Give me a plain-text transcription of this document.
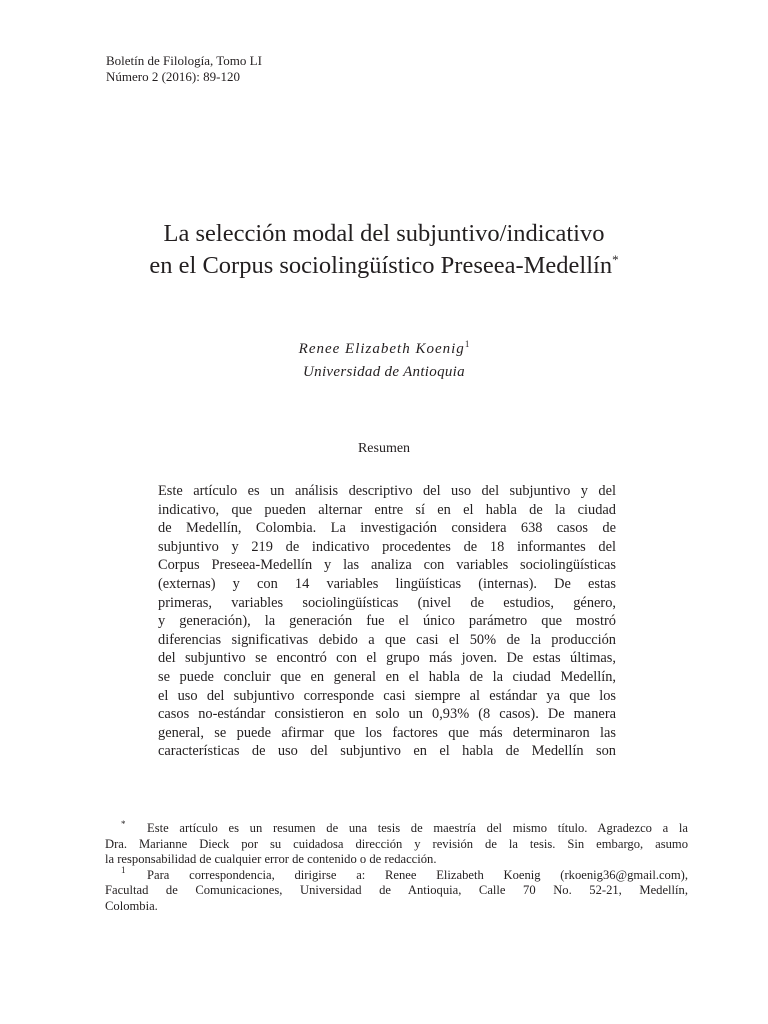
Boletín de Filología, Tomo LI
Número 2 (2016): 89-120
La selección modal del subjuntivo/indicativo
en el Corpus sociolingüístico Preseea-Medellín*
Renee Elizabeth Koenig$^1$
Universidad de Antioquia
Resumen
Este artículo es un análisis descriptivo del uso del subjuntivo y del
indicativo, que pueden alternar entre sí en el habla de la ciudad
de Medellín, Colombia. La investigación considera 638 casos de
subjuntivo y 219 de indicativo procedentes de 18 informantes del
Corpus Preseea-Medellín y las analiza con variables sociolingüísticas
(externas) y con 14 variables lingüísticas (internas). De estas
primeras, variables sociolingüísticas (nivel de estudios, género,
y generación), la generación fue el único parámetro que mostró
diferencias significativas debido a que casi el 50% de la producción
del subjuntivo se encontró con el grupo más joven. De estas últimas,
se puede concluir que en general en el habla de la ciudad Medellín,
el uso del subjuntivo corresponde casi siempre al estándar ya que los
casos no-estándar consistieron en solo un 0,93% (8 casos). De manera
general, se puede afirmar que los factores que más determinaron las
características de uso del subjuntivo en el habla de Medellín son
* Este artículo es un resumen de una tesis de maestría del mismo título. Agradezco a la
Dra. Marianne Dieck por su cuidadosa dirección y revisión de la tesis. Sin embargo, asumo
la responsabilidad de cualquier error de contenido o de redacción.
1 Para correspondencia, dirigirse a: Renee Elizabeth Koenig (rkoenig36@gmail.com),
Facultad de Comunicaciones, Universidad de Antioquia, Calle 70 No. 52-21, Medellín,
Colombia.
